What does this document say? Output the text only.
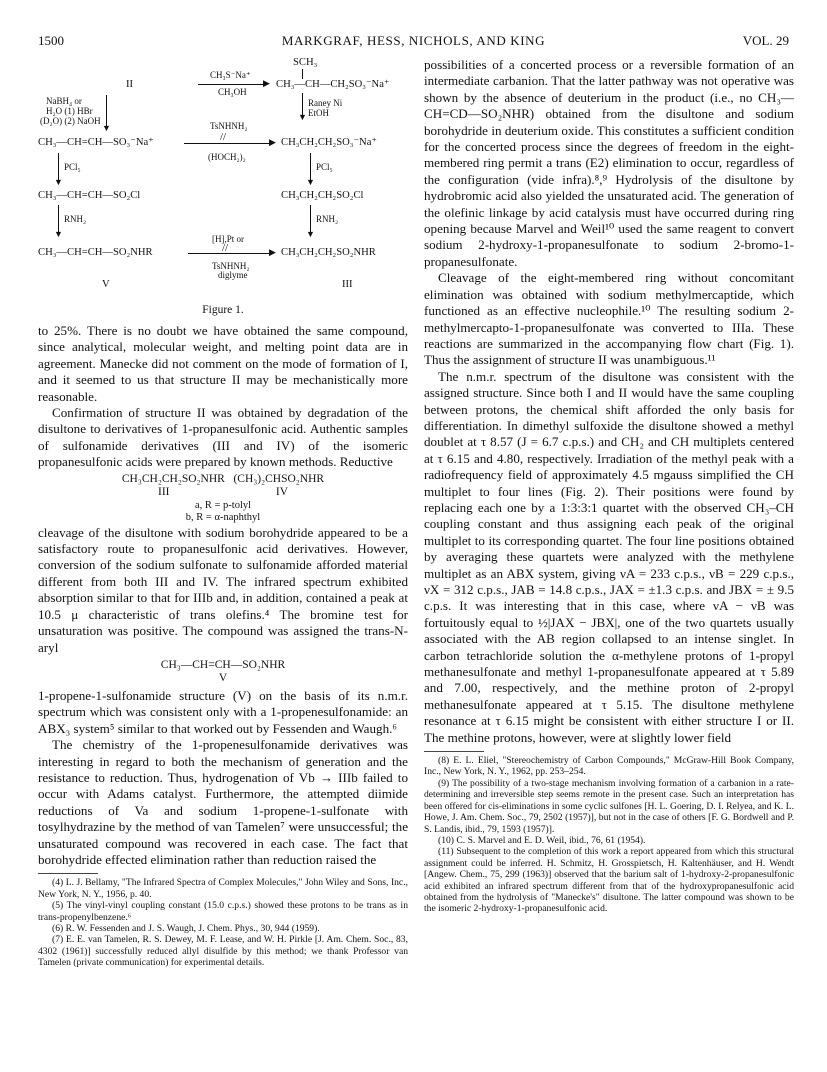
1500	MARKGRAF, HESS, NICHOLS, AND KING	VOL. 29
SCH₃
II
CH₃S⁻Na⁺
▶
CH₃OH
CH₃—CH—CH₂SO₃⁻Na⁺
NaBH₄ or
H₂O (1) HBr
(D₂O) (2) NaOH
▼
▼
Raney Ni
EtOH
TsNHNH₂
CH₃—CH=CH—SO₃⁻Na⁺	//	▶ CH₃CH₂CH₂SO₃⁻Na⁺
(HOCH₂)₂
▼
PCl₅
▼
PCl₅
CH₃—CH=CH—SO₂Cl	CH₃CH₂CH₂SO₂Cl
▼
RNH₂
▼
RNH₂
[H],Pt or
CH₃—CH=CH—SO₂NHR	//	▶ CH₃CH₂CH₂SO₂NHR
TsNHNH₂
diglyme
V	III
Figure 1.

to 25%. There is no doubt we have obtained the same compound, since analytical, molecular weight, and melting point data are in agreement. Manecke did not comment on the mode of formation of I, and it seemed to us that structure II may be mechanistically more reasonable.

Confirmation of structure II was obtained by degradation of the disultone to derivatives of 1-propanesulfonic acid. Authentic samples of sulfonamide derivatives (III and IV) of the isomeric propanesulfonic acids were prepared by known methods. Reductive

CH₃CH₂CH₂SO₂NHR   (CH₃)₂CHSO₂NHR
III                                     IV
a, R = p-tolyl
b, R = α-naphthyl

cleavage of the disultone with sodium borohydride appeared to be a satisfactory route to propanesulfonic acid derivatives. However, conversion of the sodium sulfonate to sulfonamide afforded material different from both III and IV. The infrared spectrum exhibited absorption similar to that for IIIb and, in addition, contained a peak at 10.5 μ characteristic of trans olefins.⁴ The bromine test for unsaturation was positive. The compound was assigned the trans-N-aryl

CH₃—CH=CH—SO₂NHR
V

1-propene-1-sulfonamide structure (V) on the basis of its n.m.r. spectrum which was consistent only with a 1-propenesulfonamide: an ABX₃ system⁵ similar to that worked out by Fessenden and Waugh.⁶

The chemistry of the 1-propenesulfonamide derivatives was interesting in regard to both the mechanism of generation and the resistance to reduction. Thus, hydrogenation of Vb → IIIb failed to occur with Adams catalyst. Furthermore, the attempted diimide reductions of Va and sodium 1-propene-1-sulfonate with tosylhydrazine by the method of van Tamelen⁷ were unsuccessful; the unsaturated compound was recovered in each case. The fact that borohydride effected elimination rather than reduction raised the

(4) L. J. Bellamy, "The Infrared Spectra of Complex Molecules," John Wiley and Sons, Inc., New York, N. Y., 1956, p. 40.

(5) The vinyl-vinyl coupling constant (15.0 c.p.s.) showed these protons to be trans as in trans-propenylbenzene.⁶

(6) R. W. Fessenden and J. S. Waugh, J. Chem. Phys., 30, 944 (1959).

(7) E. E. van Tamelen, R. S. Dewey, M. F. Lease, and W. H. Pirkle [J. Am. Chem. Soc., 83, 4302 (1961)] successfully reduced allyl disulfide by this method; we thank Professor van Tamelen (private communication) for experimental details.

possibilities of a concerted process or a reversible formation of an intermediate carbanion. That the latter pathway was not operative was shown by the absence of deuterium in the product (i.e., no CH₃—CH=CD—SO₂NHR) obtained from the disultone and sodium borohydride in deuterium oxide. This constitutes a sufficient condition for the concerted process since the degrees of freedom in the eight-membered ring permit a trans (E2) elimination to occur, regardless of the configuration (vide infra).⁸,⁹ Hydrolysis of the disultone by hydrobromic acid also yielded the unsaturated acid. The generation of the olefinic linkage by acid catalysis must have occurred during ring opening because Marvel and Weil¹⁰ used the same reagent to convert sodium 2-hydroxy-1-propanesulfonate to sodium 2-bromo-1-propanesulfonate.

Cleavage of the eight-membered ring without concomitant elimination was obtained with sodium methylmercaptide, which functioned as an effective nucleophile.¹⁰ The resulting sodium 2-methylmercapto-1-propanesulfonate was converted to IIIa. These reactions are summarized in the accompanying flow chart (Fig. 1). Thus the assignment of structure II was unambiguous.¹¹

The n.m.r. spectrum of the disultone was consistent with the assigned structure. Since both I and II would have the same coupling between protons, the chemical shift afforded the only basis for differentiation. In dimethyl sulfoxide the disultone showed a methyl doublet at τ 8.57 (J = 6.7 c.p.s.) and CH₂ and CH multiplets centered at τ 6.15 and 4.80, respectively. Irradiation of the methyl peak with a radiofrequency field of approximately 4.5 mgauss simplified the CH multiplet to four lines (Fig. 2). Their positions were found by replacing each one by a 1:3:3:1 quartet with the observed CH₃–CH coupling constant and thus assigning each peak of the original multiplet to its corresponding quartet. The four line positions obtained by averaging these quartets were analyzed with the methylene multiplet as an ABX system, giving νA = 233 c.p.s., νB = 229 c.p.s., νX = 312 c.p.s., JAB = 14.8 c.p.s., JAX = ±1.3 c.p.s. and JBX = ± 9.5 c.p.s. It was interesting that in this case, where νA − νB was fortuitously equal to ½|JAX − JBX|, one of the two quartets usually associated with the AB region collapsed to an intense singlet. In carbon tetrachloride solution the α-methylene protons of 1-propyl methanesulfonate and methyl 1-propanesulfonate appeared at τ 5.89 and 7.00, respectively, and the methine proton of 2-propyl methanesulfonate appeared at τ 5.15. The disultone methylene resonance at τ 6.15 might be consistent with either structure I or II. The methine protons, however, were at slightly lower field

(8) E. L. Eliel, "Stereochemistry of Carbon Compounds," McGraw-Hill Book Company, Inc., New York, N. Y., 1962, pp. 253–254.

(9) The possibility of a two-stage mechanism involving formation of a carbanion in a rate-determining and irreversible step seems remote in the present case. Such an interpretation has been offered for cis-eliminations in some cyclic sulfones [H. L. Goering, D. I. Relyea, and K. L. Howe, J. Am. Chem. Soc., 79, 2502 (1957)], but not in the case of others [F. G. Bordwell and P. S. Landis, ibid., 79, 1593 (1957)].

(10) C. S. Marvel and E. D. Weil, ibid., 76, 61 (1954).

(11) Subsequent to the completion of this work a report appeared from which this structural assignment could be inferred. H. Schmitz, H. Grosspietsch, H. Kaltenhäuser, and H. Wendt [Angew. Chem., 75, 299 (1963)] observed that the barium salt of 1-hydroxy-2-propanesulfonic acid exhibited an infrared spectrum different from that of the hydroxypropanesulfonic acid obtained from the hydrolysis of "Manecke's" disultone. The latter compound was shown to be the isomeric 2-hydroxy-1-propanesulfonic acid.
